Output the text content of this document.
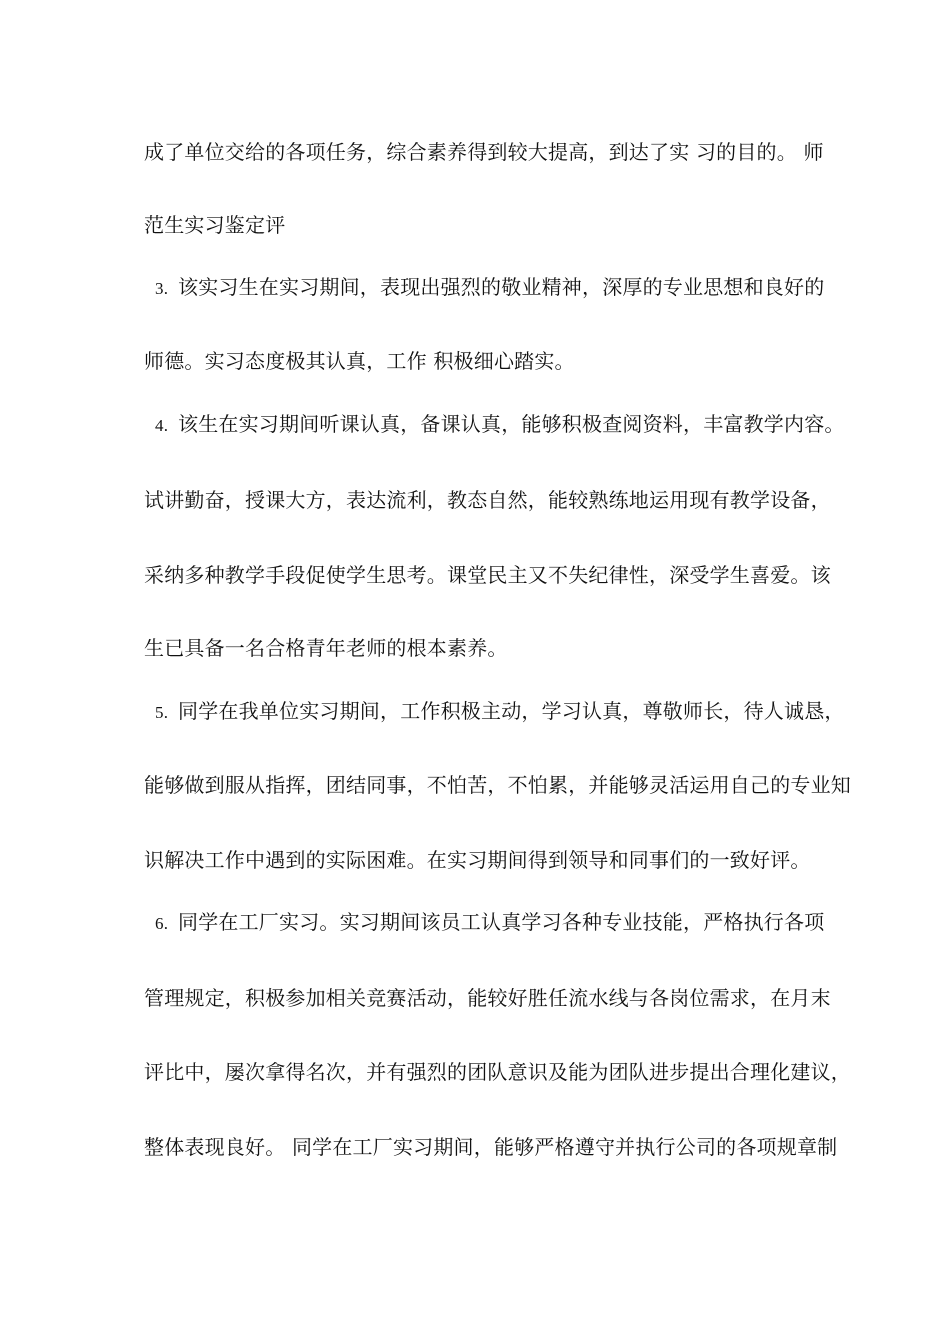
成了单位交给的各项任务，综合素养得到较大提高，到达了实 习的目的。 师
范生实习鉴定评
3. 该实习生在实习期间，表现出强烈的敬业精神，深厚的专业思想和良好的
师德。实习态度极其认真，工作 积极细心踏实。
4. 该生在实习期间听课认真，备课认真，能够积极查阅资料，丰富教学内容。
试讲勤奋，授课大方，表达流利，教态自然，能较熟练地运用现有教学设备，
采纳多种教学手段促使学生思考。课堂民主又不失纪律性，深受学生喜爱。该
生已具备一名合格青年老师的根本素养。
5. 同学在我单位实习期间，工作积极主动，学习认真，尊敬师长，待人诚恳，
能够做到服从指挥，团结同事，不怕苦，不怕累，并能够灵活运用自己的专业知
识解决工作中遇到的实际困难。在实习期间得到领导和同事们的一致好评。
6. 同学在工厂实习。实习期间该员工认真学习各种专业技能，严格执行各项
管理规定，积极参加相关竞赛活动，能较好胜任流水线与各岗位需求，在月末
评比中，屡次拿得名次，并有强烈的团队意识及能为团队进步提出合理化建议，
整体表现良好。 同学在工厂实习期间，能够严格遵守并执行公司的各项规章制
